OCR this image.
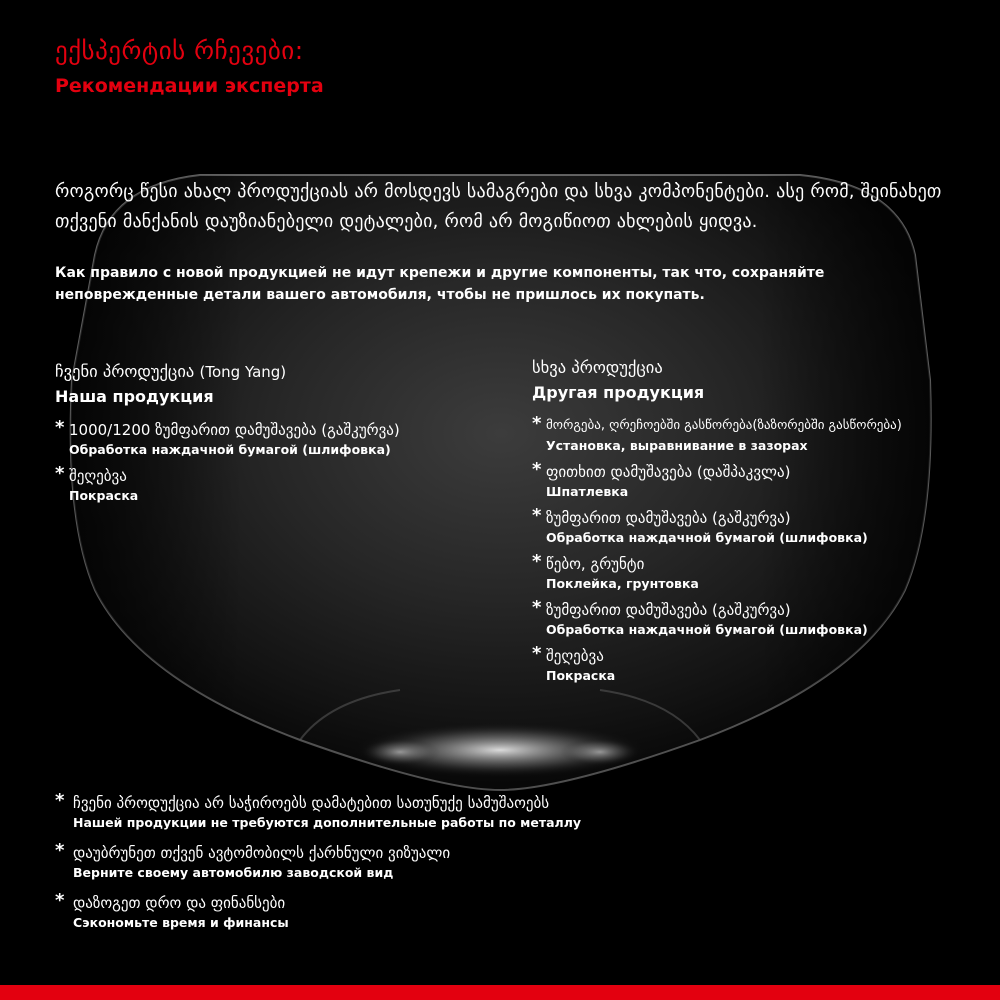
ექსპერტის რჩევები:
Рекомендации эксперта
როგორც წესი ახალ პროდუქციას არ მოსდევს სამაგრები და სხვა კომპონენტები. ასე რომ, შეინახეთ თქვენი მანქანის დაუზიანებელი დეტალები, რომ არ მოგიწიოთ ახლების ყიდვა.
Как правило с новой продукцией не идут крепежи и другие компоненты, так что, сохраняйте неповрежденные детали вашего автомобиля, чтобы не пришлось их покупать.
ჩვენი პროდუქცია (Tong Yang)
Наша продукция
* 1000/1200 ზუმფარით დამუშავება (გაშკურვა)
Обработка наждачной бумагой (шлифовка)
* შეღებვა
Покраска
სხვა პროდუქცია
Другая продукция
* მორგება, ღრეჩოებში გასწორება(ზაზორებში გასწორება)
Установка, выравнивание в зазорах
* ფითხით დამუშავება (დაშპაკვლა)
Шпатлевка
* ზუმფარით დამუშავება (გაშკურვა)
Обработка наждачной бумагой (шлифовка)
* წებო, გრუნტი
Поклейка, грунтовка
* ზუმფარით დამუშავება (გაშკურვა)
Обработка наждачной бумагой (шлифовка)
* შეღებვა
Покраска
* ჩვენი პროდუქცია არ საჭიროებს დამატებით სათუნუქე სამუშაოებს
Нашей продукции не требуются дополнительные работы по металлу
* დაუბრუნეთ თქვენ ავტომობილს ქარხნული ვიზუალი
Верните своему автомобилю заводской вид
* დაზოგეთ დრო და ფინანსები
Сэкономьте время и финансы
